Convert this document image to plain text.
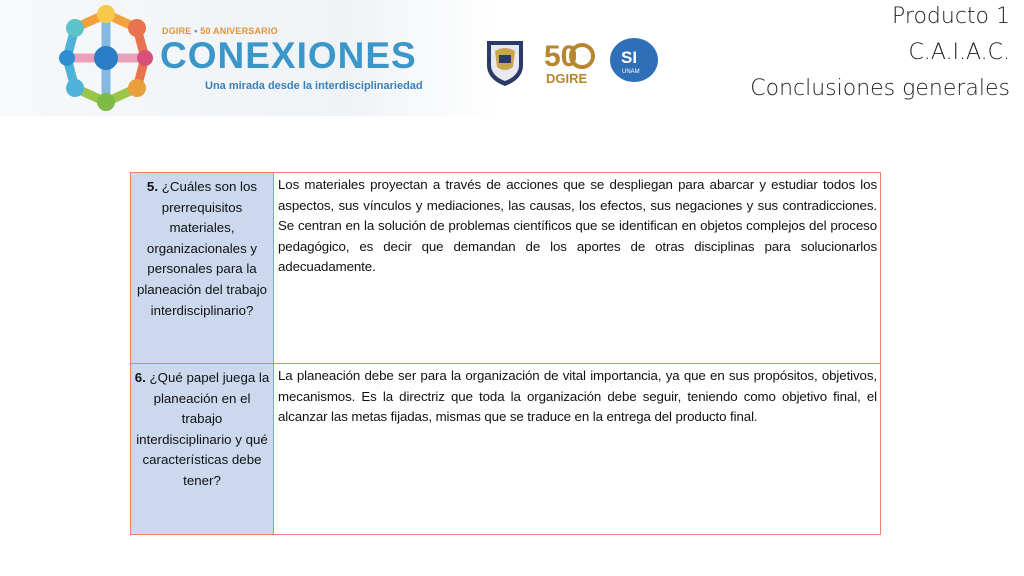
DGIRE • 50 ANIVERSARIO
CONEXIONES
Una mirada desde la interdisciplinariedad
50
DGIRE
SI
UNAM
Producto 1
C.A.I.A.C.
Conclusiones generales
5. ¿Cuáles son los prerrequisitos materiales, organizacionales y personales para la planeación del trabajo interdisciplinario?	Los materiales proyectan a través de acciones que se despliegan para abarcar y estudiar todos los aspectos, sus vínculos y mediaciones, las causas, los efectos, sus negaciones y sus contradicciones. Se centran en la solución de problemas científicos que se identifican en objetos complejos del proceso pedagógico, es decir que demandan de los aportes de otras disciplinas para solucionarlos adecuadamente.
6. ¿Qué papel juega la planeación en el trabajo interdisciplinario y qué características debe tener?	La planeación debe ser para la organización de vital importancia, ya que en sus propósitos, objetivos, mecanismos. Es la directriz que toda la organización debe seguir, teniendo como objetivo final, el alcanzar las metas fijadas, mismas que se traduce en la entrega del producto final.
